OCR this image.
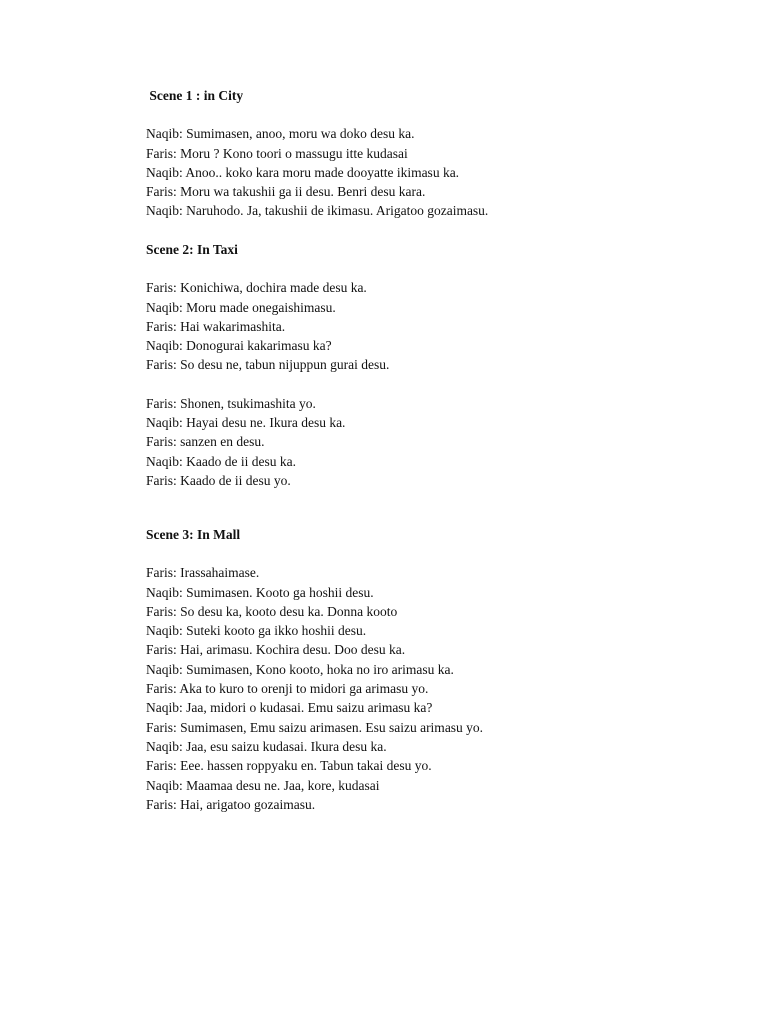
Scene 1 : in City
Naqib: Sumimasen, anoo, moru wa doko desu ka.
Faris: Moru ? Kono toori o massugu itte kudasai
Naqib: Anoo.. koko kara moru made dooyatte ikimasu ka.
Faris: Moru wa takushii ga ii desu. Benri desu kara.
Naqib: Naruhodo. Ja, takushii de ikimasu. Arigatoo gozaimasu.
Scene 2: In Taxi
Faris: Konichiwa, dochira made desu ka.
Naqib: Moru made onegaishimasu.
Faris: Hai wakarimashita.
Naqib: Donogurai kakarimasu ka?
Faris: So desu ne, tabun nijuppun gurai desu.
Faris: Shonen, tsukimashita yo.
Naqib: Hayai desu ne. Ikura desu ka.
Faris: sanzen en desu.
Naqib: Kaado de ii desu ka.
Faris: Kaado de ii desu yo.
Scene 3: In Mall
Faris: Irassahaimase.
Naqib: Sumimasen. Kooto ga hoshii desu.
Faris: So desu ka, kooto desu ka. Donna kooto
Naqib: Suteki kooto ga ikko hoshii desu.
Faris: Hai, arimasu. Kochira desu. Doo desu ka.
Naqib: Sumimasen, Kono kooto, hoka no iro arimasu ka.
Faris: Aka to kuro to orenji to midori ga arimasu yo.
Naqib: Jaa, midori o kudasai. Emu saizu arimasu ka?
Faris: Sumimasen, Emu saizu arimasen. Esu saizu arimasu yo.
Naqib: Jaa, esu saizu kudasai. Ikura desu ka.
Faris: Eee. hassen roppyaku en. Tabun takai desu yo.
Naqib: Maamaa desu ne. Jaa, kore, kudasai
Faris: Hai, arigatoo gozaimasu.
